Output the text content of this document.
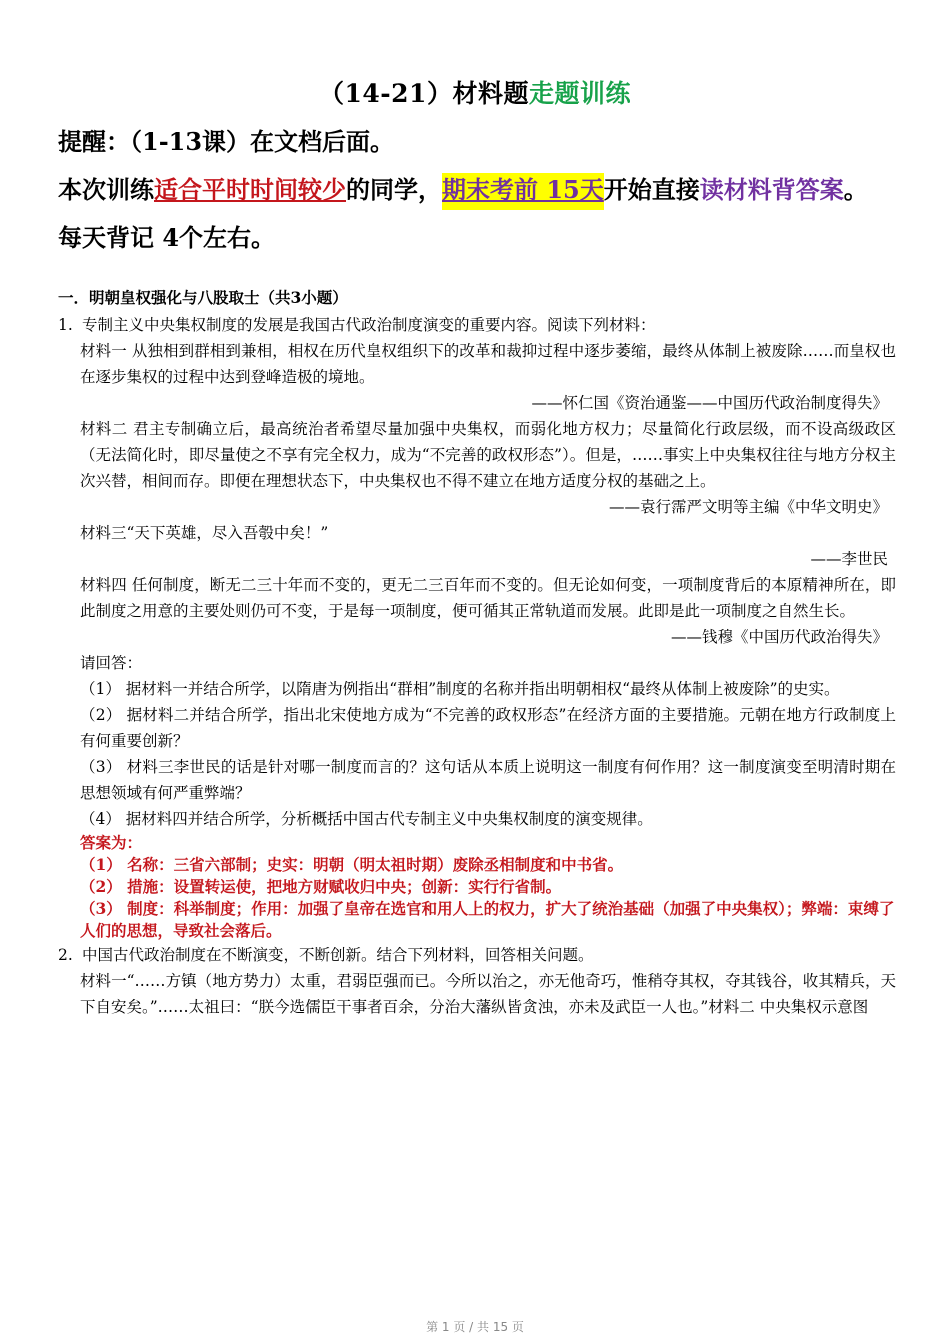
（14-21）材料题走题训练
提醒：（1-13课）在文档后面。
本次训练适合平时时间较少的同学，期末考前 15天开始直接读材料背答案。
每天背记 4个左右。
一．明朝皇权强化与八股取士（共3小题）
1. 专制主义中央集权制度的发展是我国古代政治制度演变的重要内容。阅读下列材料：
材料一 从独相到群相到兼相，相权在历代皇权组织下的改革和裁抑过程中逐步萎缩，最终从体制上被废除……而皇权也在逐步集权的过程中达到登峰造极的境地。
——怀仁国《资治通鉴——中国历代政治制度得失》
材料二 君主专制确立后，最高统治者希望尽量加强中央集权，而弱化地方权力；尽量简化行政层级，而不设高级政区（无法简化时，即尽量使之不享有完全权力，成为“不完善的政权形态”）。但是，……事实上中央集权往往与地方分权主次兴替，相间而存。即便在理想状态下，中央集权也不得不建立在地方适度分权的基础之上。
——袁行霈严文明等主编《中华文明史》
材料三“天下英雄，尽入吾彀中矣！”
——李世民
材料四 任何制度，断无二三十年而不变的，更无二三百年而不变的。但无论如何变，一项制度背后的本原精神所在，即此制度之用意的主要处则仍可不变，于是每一项制度，便可循其正常轨道而发展。此即是此一项制度之自然生长。
——钱穆《中国历代政治得失》
请回答：
（1） 据材料一并结合所学，以隋唐为例指出“群相”制度的名称并指出明朝相权“最终从体制上被废除”的史实。
（2） 据材料二并结合所学，指出北宋使地方成为“不完善的政权形态”在经济方面的主要措施。元朝在地方行政制度上有何重要创新？
（3） 材料三李世民的话是针对哪一制度而言的？这句话从本质上说明这一制度有何作用？这一制度演变至明清时期在思想领域有何严重弊端？
（4） 据材料四并结合所学，分析概括中国古代专制主义中央集权制度的演变规律。
答案为：
（1） 名称：三省六部制；史实：明朝（明太祖时期）废除丞相制度和中书省。
（2） 措施：设置转运使，把地方财赋收归中央；创新：实行行省制。
（3） 制度：科举制度；作用：加强了皇帝在选官和用人上的权力，扩大了统治基础（加强了中央集权）；弊端：束缚了人们的思想，导致社会落后。
2. 中国古代政治制度在不断演变，不断创新。结合下列材料，回答相关问题。
材料一“……方镇（地方势力）太重，君弱臣强而已。今所以治之，亦无他奇巧，惟稍夺其权，夺其钱谷，收其精兵，天下自安矣。”……太祖曰：“朕今选儒臣干事者百余，分治大藩纵皆贪浊，亦未及武臣一人也。”材料二 中央集权示意图
第 1 页 / 共 15 页
